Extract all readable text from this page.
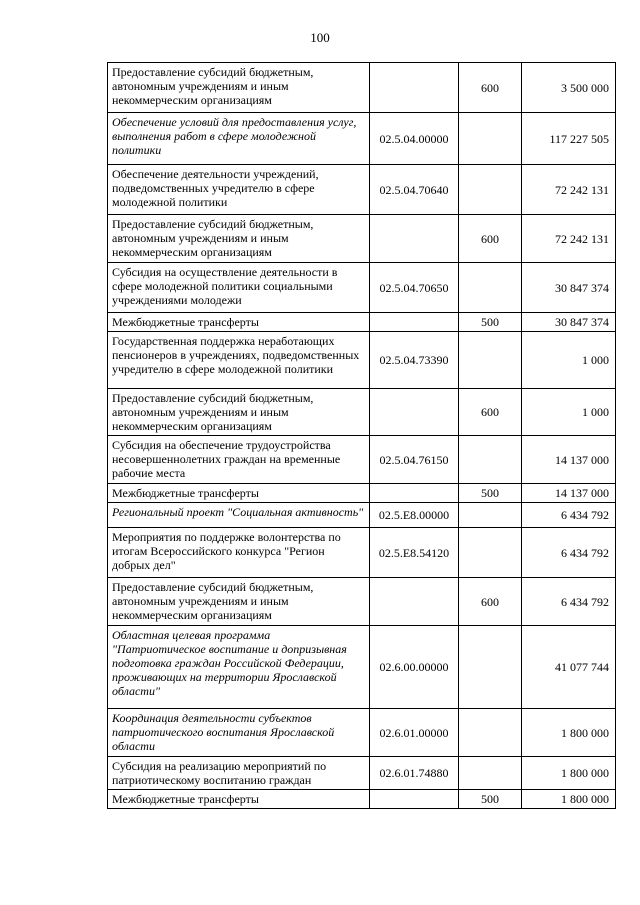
100
Предоставление субсидий бюджетным, автономным учреждениям и иным некоммерческим организациям		600	3 500 000
Обеспечение условий для предоставления услуг, выполнения работ в сфере молодежной политики	02.5.04.00000		117 227 505
Обеспечение деятельности учреждений, подведомственных учредителю в сфере молодежной политики	02.5.04.70640		72 242 131
Предоставление субсидий бюджетным, автономным учреждениям и иным некоммерческим организациям		600	72 242 131
Субсидия на осуществление деятельности в сфере молодежной политики социальными учреждениями молодежи	02.5.04.70650		30 847 374
Межбюджетные трансферты		500	30 847 374
Государственная поддержка неработающих пенсионеров в учреждениях, подведомственных учредителю в сфере молодежной политики	02.5.04.73390		1 000
Предоставление субсидий бюджетным, автономным учреждениям и иным некоммерческим организациям		600	1 000
Субсидия на обеспечение трудоустройства несовершеннолетних граждан на временные рабочие места	02.5.04.76150		14 137 000
Межбюджетные трансферты		500	14 137 000
Региональный проект "Социальная активность"	02.5.E8.00000		6 434 792
Мероприятия по поддержке волонтерства по итогам Всероссийского конкурса "Регион добрых дел"	02.5.E8.54120		6 434 792
Предоставление субсидий бюджетным, автономным учреждениям и иным некоммерческим организациям		600	6 434 792
Областная целевая программа "Патриотическое воспитание и допризывная подготовка граждан Российской Федерации, проживающих на территории Ярославской области"	02.6.00.00000		41 077 744
Координация деятельности субъектов патриотического воспитания Ярославской области	02.6.01.00000		1 800 000
Субсидия на реализацию мероприятий по патриотическому воспитанию граждан	02.6.01.74880		1 800 000
Межбюджетные трансферты		500	1 800 000
